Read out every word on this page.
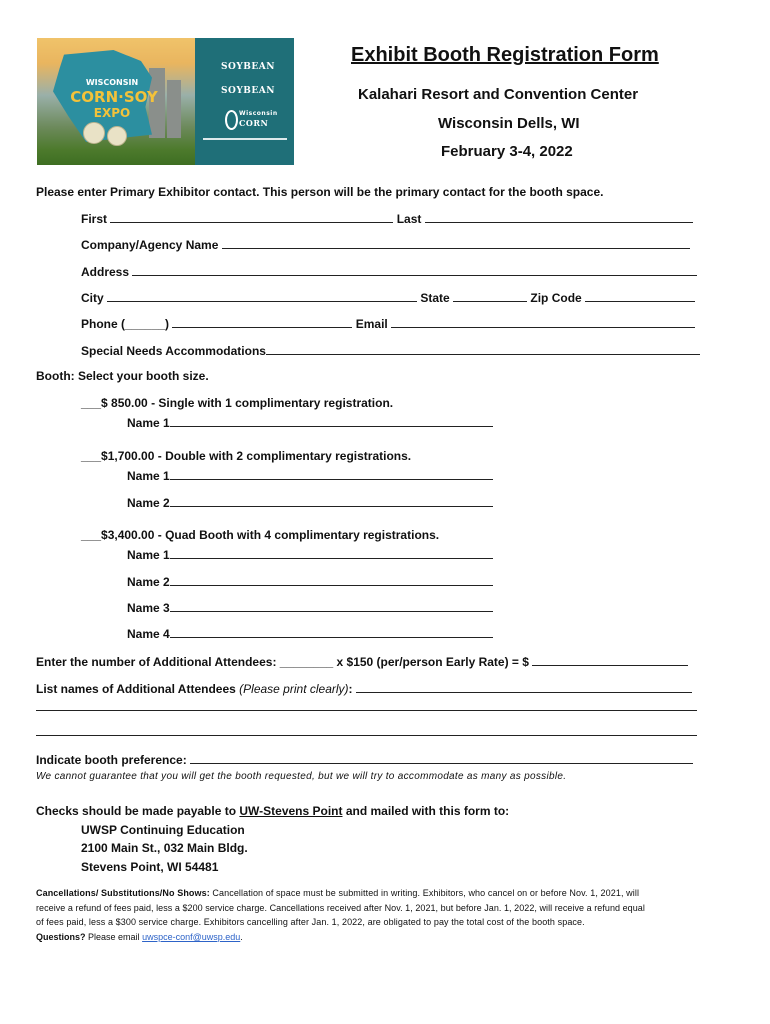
WISCONSIN
CORN·SOY
EXPO
SOYBEAN
SOYBEAN
Wisconsin
CORN
Exhibit Booth Registration Form
Kalahari Resort and Convention Center
Wisconsin Dells, WI
February 3-4, 2022
Please enter Primary Exhibitor contact. This person will be the primary contact for the booth space.
First	Last
Company/Agency Name
Address
City	State	Zip Code
Phone (______)	Email
Special Needs Accommodations
Booth: Select your booth size.
___$ 850.00 - Single with 1 complimentary registration.
Name 1
___$1,700.00 - Double with 2 complimentary registrations.
Name 1
Name 2
___$3,400.00 - Quad Booth with 4 complimentary registrations.
Name 1
Name 2
Name 3
Name 4
Enter the number of Additional Attendees: ________ x $150 (per/person Early Rate) = $
List names of Additional Attendees (Please print clearly):
Indicate booth preference:
We cannot guarantee that you will get the booth requested, but we will try to accommodate as many as possible.
Checks should be made payable to UW-Stevens Point and mailed with this form to:
UWSP Continuing Education
2100 Main St., 032 Main Bldg.
Stevens Point, WI 54481
Cancellations/ Substitutions/No Shows: Cancellation of space must be submitted in writing. Exhibitors, who cancel on or before Nov. 1, 2021, will
receive a refund of fees paid, less a $200 service charge. Cancellations received after Nov. 1, 2021, but before Jan. 1, 2022, will receive a refund equal
of fees paid, less a $300 service charge. Exhibitors cancelling after Jan. 1, 2022, are obligated to pay the total cost of the booth space.
Questions? Please email uwspce-conf@uwsp.edu.
